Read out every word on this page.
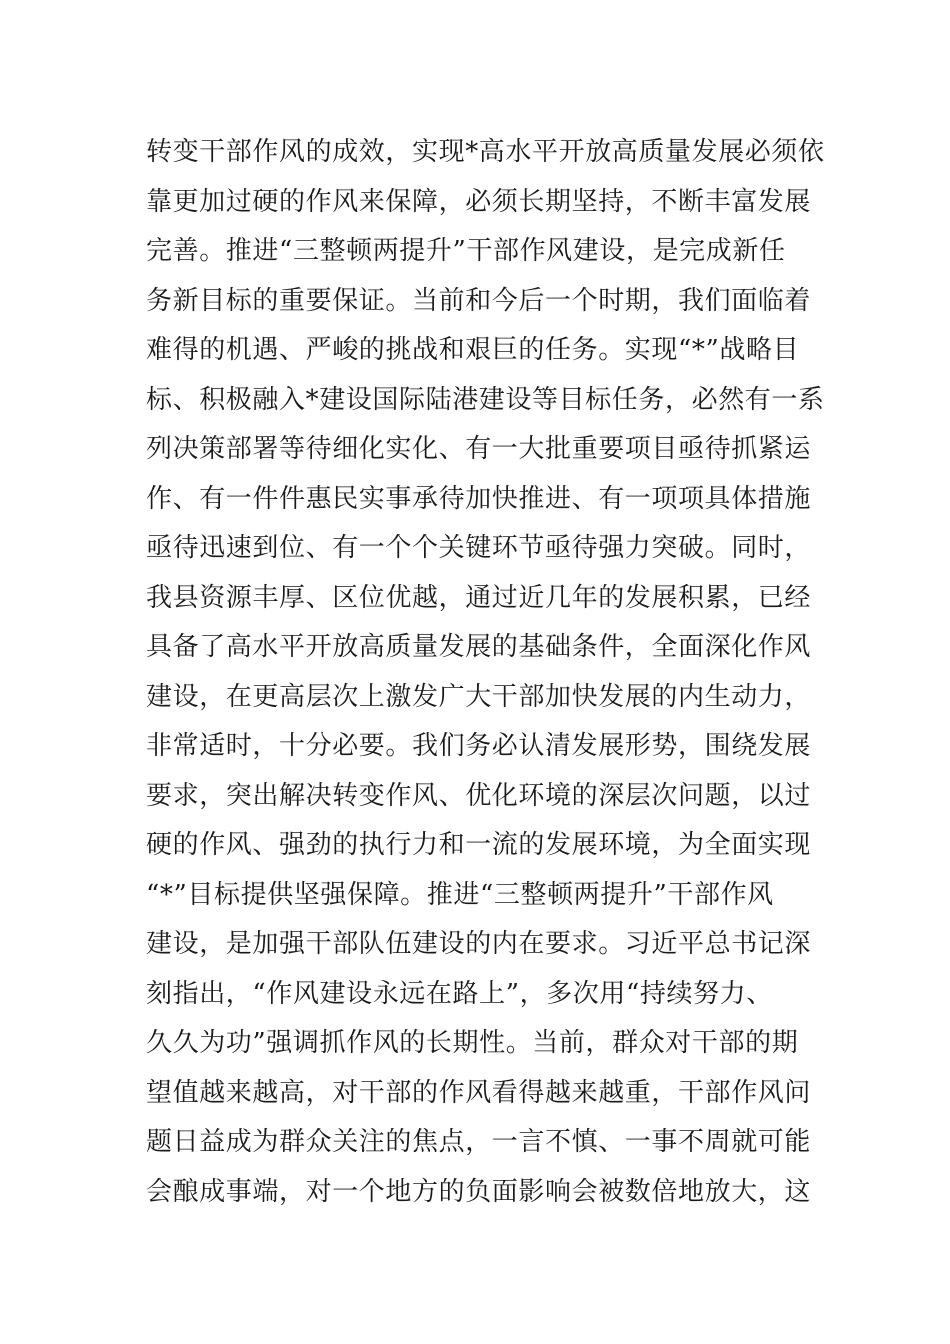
转变干部作风的成效，实现*高水平开放高质量发展必须依
靠更加过硬的作风来保障，必须长期坚持，不断丰富发展
完善。推进“三整顿两提升”干部作风建设，是完成新任
务新目标的重要保证。当前和今后一个时期，我们面临着
难得的机遇、严峻的挑战和艰巨的任务。实现“*”战略目
标、积极融入*建设国际陆港建设等目标任务，必然有一系
列决策部署等待细化实化、有一大批重要项目亟待抓紧运
作、有一件件惠民实事承待加快推进、有一项项具体措施
亟待迅速到位、有一个个关键环节亟待强力突破。同时，
我县资源丰厚、区位优越，通过近几年的发展积累，已经
具备了高水平开放高质量发展的基础条件，全面深化作风
建设，在更高层次上激发广大干部加快发展的内生动力，
非常适时，十分必要。我们务必认清发展形势，围绕发展
要求，突出解决转变作风、优化环境的深层次问题，以过
硬的作风、强劲的执行力和一流的发展环境，为全面实现
“*”目标提供坚强保障。推进“三整顿两提升”干部作风
建设，是加强干部队伍建设的内在要求。习近平总书记深
刻指出，“作风建设永远在路上”，多次用“持续努力、
久久为功”强调抓作风的长期性。当前，群众对干部的期
望值越来越高，对干部的作风看得越来越重，干部作风问
题日益成为群众关注的焦点，一言不慎、一事不周就可能
会酿成事端，对一个地方的负面影响会被数倍地放大，这
